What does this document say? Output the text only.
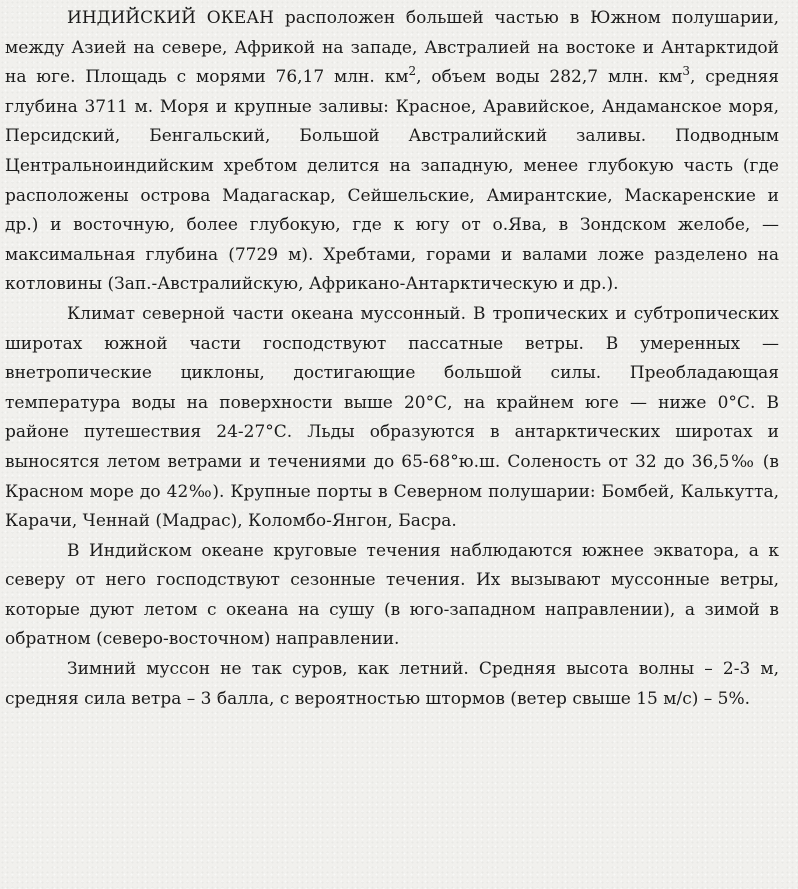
ИНДИЙСКИЙ ОКЕАН расположен большей частью в Южном полушарии, между Азией на севере, Африкой на западе, Австралией на востоке и Антарктидой на юге. Площадь с морями 76,17 млн. $км^2$, объем воды 282,7 млн. $км^3$, средняя глубина 3711 м. Моря и крупные заливы: Красное, Аравийское, Андаманское моря, Персидский, Бенгальский, Большой Австралийский заливы. Подводным Центральноиндийским хребтом делится на западную, менее глубокую часть (где расположены острова Мадагаскар, Сейшельские, Амирантские, Маскаренские и др.) и восточную, более глубокую, где к югу от о.Ява, в Зондском желобе, — максимальная глубина (7729 м). Хребтами, горами и валами ложе разделено на котловины (Зап.-Австралийскую, Африкано-Антарктическую и др.).

Климат северной части океана муссонный. В тропических и субтропических широтах южной части господствуют пассатные ветры. В умеренных — внетропические циклоны, достигающие большой силы. Преобладающая температура воды на поверхности выше 20°С, на крайнем юге — ниже 0°С. В районе путешествия 24-27°С. Льды образуются в антарктических широтах и выносятся летом ветрами и течениями до 65-68°ю.ш. Соленость от 32 до 36,5‰ (в Красном море до 42‰). Крупные порты в Северном полушарии: Бомбей, Калькутта, Карачи, Ченнай (Мадрас), Коломбо-Янгон, Басра.

В Индийском океане круговые течения наблюдаются южнее экватора, а к северу от него господствуют сезонные течения. Их вызывают муссонные ветры, которые дуют летом с океана на сушу (в юго-западном направлении), а зимой в обратном (северо-восточном) направлении.

Зимний муссон не так суров, как летний. Средняя высота волны – 2-3 м, средняя сила ветра – 3 балла, с вероятностью штормов (ветер свыше 15 м/с) – 5%.
